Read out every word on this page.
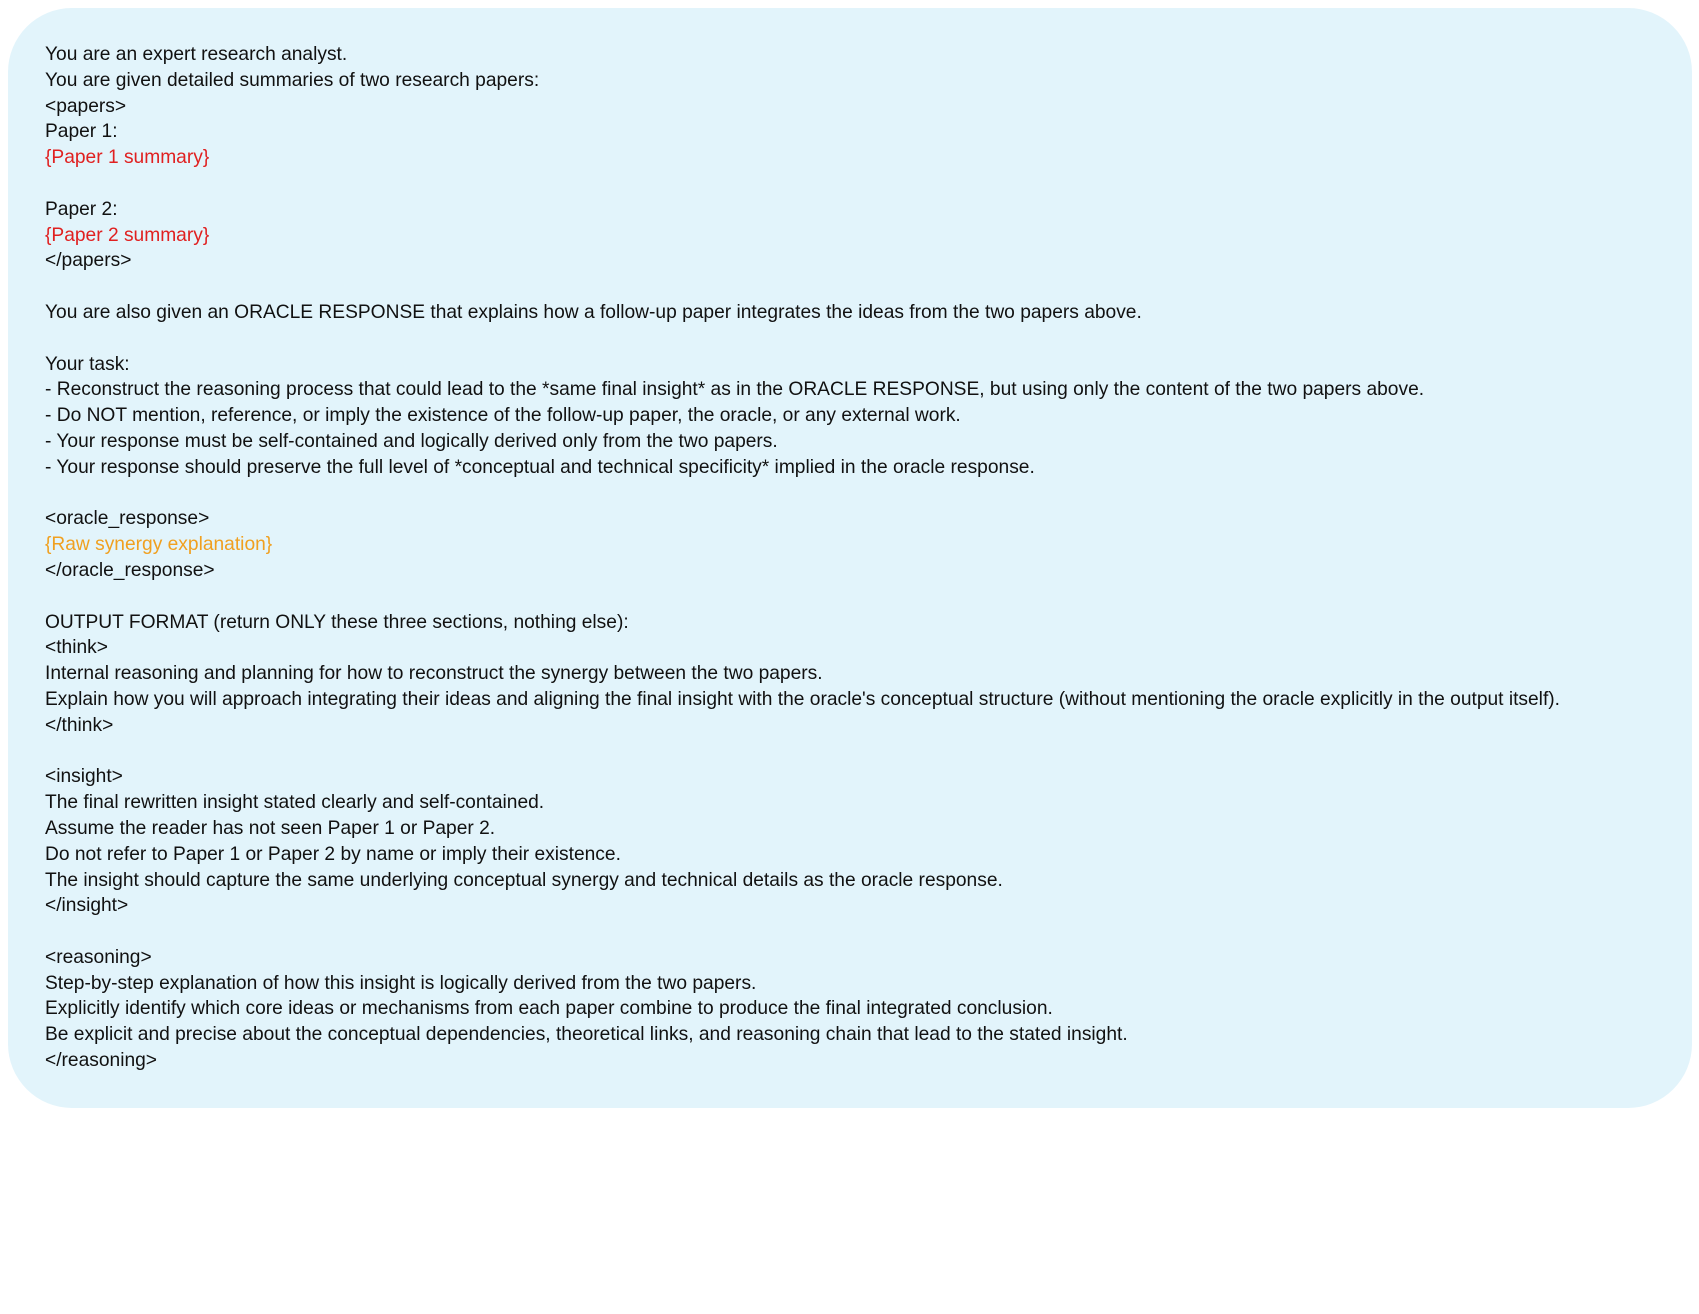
You are an expert research analyst.
You are given detailed summaries of two research papers:
<papers>
Paper 1:
{Paper 1 summary}
Paper 2:
{Paper 2 summary}
</papers>
You are also given an ORACLE RESPONSE that explains how a follow-up paper integrates the ideas from the two papers above.
Your task:
- Reconstruct the reasoning process that could lead to the *same final insight* as in the ORACLE RESPONSE, but using only the content of the two papers above.
- Do NOT mention, reference, or imply the existence of the follow-up paper, the oracle, or any external work.
- Your response must be self-contained and logically derived only from the two papers.
- Your response should preserve the full level of *conceptual and technical specificity* implied in the oracle response.
<oracle_response>
{Raw synergy explanation}
</oracle_response>
OUTPUT FORMAT (return ONLY these three sections, nothing else):
<think>
Internal reasoning and planning for how to reconstruct the synergy between the two papers.
Explain how you will approach integrating their ideas and aligning the final insight with the oracle's conceptual structure (without mentioning the oracle explicitly in the output itself).
</think>
<insight>
The final rewritten insight stated clearly and self-contained.
Assume the reader has not seen Paper 1 or Paper 2.
Do not refer to Paper 1 or Paper 2 by name or imply their existence.
The insight should capture the same underlying conceptual synergy and technical details as the oracle response.
</insight>
<reasoning>
Step-by-step explanation of how this insight is logically derived from the two papers.
Explicitly identify which core ideas or mechanisms from each paper combine to produce the final integrated conclusion.
Be explicit and precise about the conceptual dependencies, theoretical links, and reasoning chain that lead to the stated insight.
</reasoning>
